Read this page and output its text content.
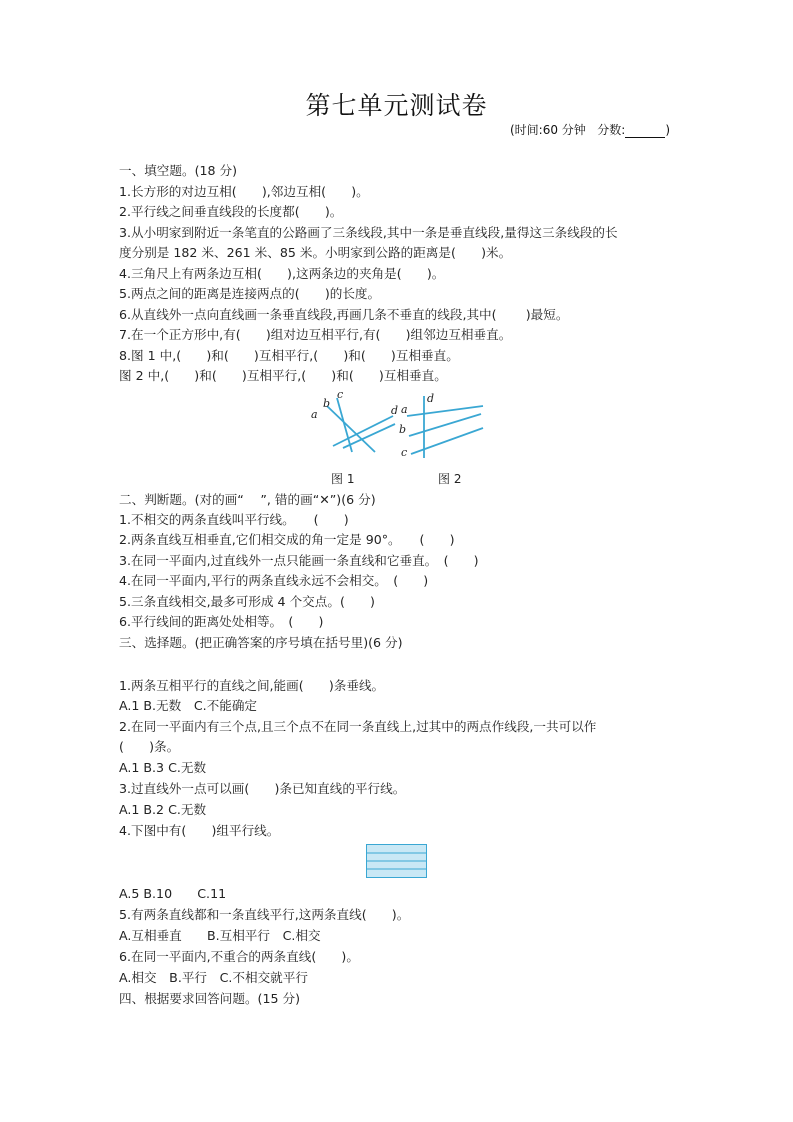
第七单元测试卷
(时间:60 分钟 分数:	)
一、填空题。(18 分)
1.长方形的对边互相(　　),邻边互相(　　)。
2.平行线之间垂直线段的长度都(　　)。
3.从小明家到附近一条笔直的公路画了三条线段,其中一条是垂直线段,量得这三条线段的长
度分别是 182 米、261 米、85 米。小明家到公路的距离是(　　)米。
4.三角尺上有两条边互相(　　),这两条边的夹角是(　　)。
5.两点之间的距离是连接两点的(　　)的长度。
6.从直线外一点向直线画一条垂直线段,再画几条不垂直的线段,其中(　　 )最短。
7.在一个正方形中,有(　　)组对边互相平行,有(　　)组邻边互相垂直。
8.图 1 中,(　　)和(　　)互相平行,(　　)和(　　)互相垂直。
图 2 中,(　　)和(　　)互相平行,(　　)和(　　)互相垂直。
a
b
c
d
图 1
a
b
c
d
图 2
二、判断题。(对的画“　 ”, 错的画“✕”)(6 分)
1.不相交的两条直线叫平行线。　　(　　)
2.两条直线互相垂直,它们相交成的角一定是 90°。　　(　　)
3.在同一平面内,过直线外一点只能画一条直线和它垂直。　(　　)
4.在同一平面内,平行的两条直线永远不会相交。　(　　)
5.三条直线相交,最多可形成 4 个交点。(　　)
6.平行线间的距离处处相等。　(　　)
三、选择题。(把正确答案的序号填在括号里)(6 分)
1.两条互相平行的直线之间,能画(　　)条垂线。
A.1 B.无数　C.不能确定
2.在同一平面内有三个点,且三个点不在同一条直线上,过其中的两点作线段,一共可以作
(　　)条。
A.1 B.3 C.无数
3.过直线外一点可以画(　　)条已知直线的平行线。
A.1 B.2 C.无数
4.下图中有(　　)组平行线。
A.5 B.10　　C.11
5.有两条直线都和一条直线平行,这两条直线(　　)。
A.互相垂直　　B.互相平行　C.相交
6.在同一平面内,不重合的两条直线(　　)。
A.相交　B.平行　C.不相交就平行
四、根据要求回答问题。(15 分)
